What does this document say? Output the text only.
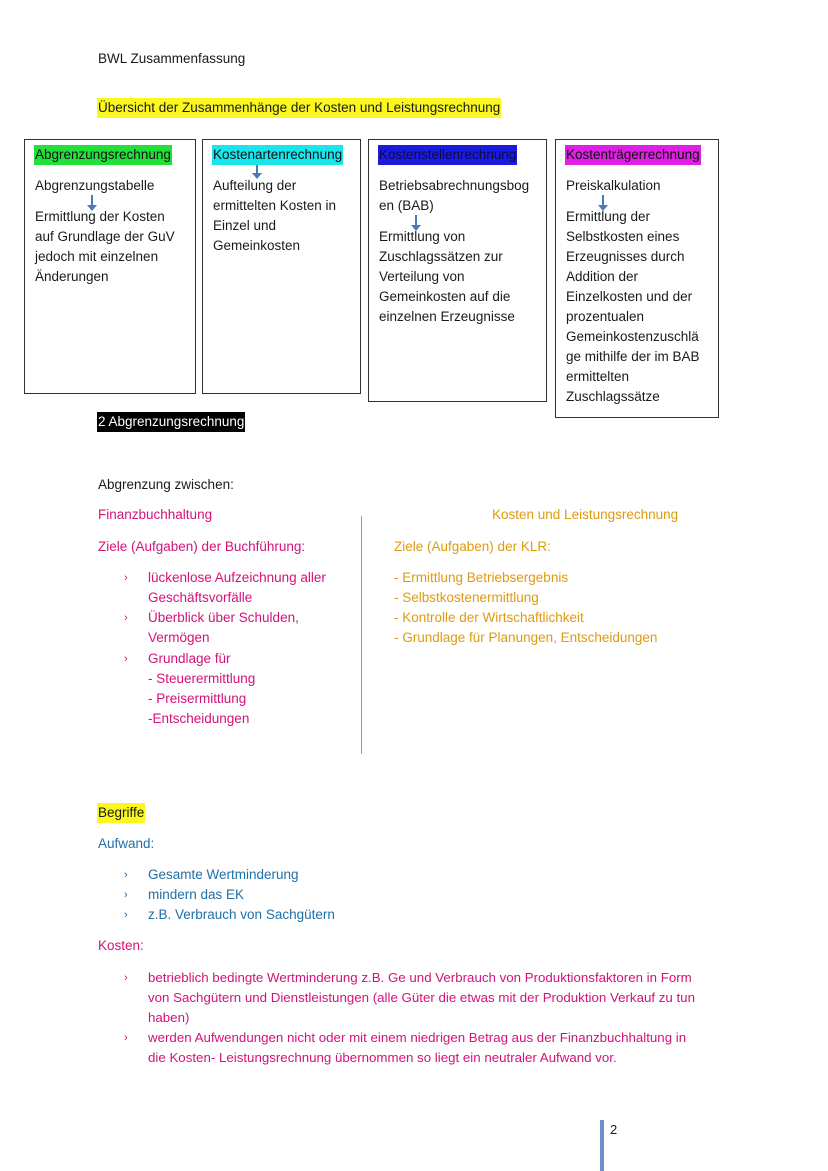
BWL Zusammenfassung
Übersicht der Zusammenhänge der Kosten und Leistungsrechnung
Abgrenzungsrechnung
Abgrenzungstabelle
Ermittlung der Kosten
auf Grundlage der GuV
jedoch mit einzelnen
Änderungen
Kostenartenrechnung
Aufteilung der
ermittelten Kosten in
Einzel und
Gemeinkosten
Kostenstellenrechnung
Betriebsabrechnungsbog
en (BAB)
Ermittlung von
Zuschlagssätzen zur
Verteilung von
Gemeinkosten auf die
einzelnen Erzeugnisse
Kostenträgerrechnung
Preiskalkulation
Ermittlung der
Selbstkosten eines
Erzeugnisses durch
Addition der
Einzelkosten und der
prozentualen
Gemeinkostenzuschlä
ge mithilfe der im BAB
ermittelten
Zuschlagssätze
2 Abgrenzungsrechnung
Abgrenzung zwischen:
Finanzbuchhaltung
Ziele (Aufgaben) der Buchführung:
› lückenlose Aufzeichnung aller
Geschäftsvorfälle
› Überblick über Schulden,
Vermögen
› Grundlage für
- Steuerermittlung
- Preisermittlung
-Entscheidungen
Kosten und Leistungsrechnung
Ziele (Aufgaben) der KLR:
- Ermittlung Betriebsergebnis
- Selbstkostenermittlung
- Kontrolle der Wirtschaftlichkeit
- Grundlage für Planungen, Entscheidungen
Begriffe
Aufwand:
› Gesamte Wertminderung
› mindern das EK
› z.B. Verbrauch von Sachgütern
Kosten:
› betrieblich bedingte Wertminderung z.B. Ge und Verbrauch von Produktionsfaktoren in Form
von Sachgütern und Dienstleistungen (alle Güter die etwas mit der Produktion Verkauf zu tun
haben)
› werden Aufwendungen nicht oder mit einem niedrigen Betrag aus der Finanzbuchhaltung in
die Kosten- Leistungsrechnung übernommen so liegt ein neutraler Aufwand vor.
2
